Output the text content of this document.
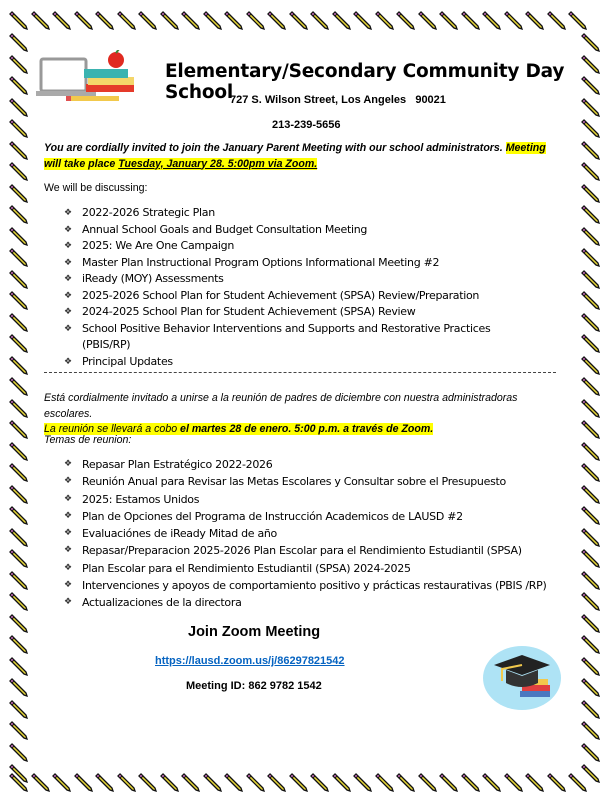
Elementary/Secondary Community Day School
727 S. Wilson Street, Los Angeles   90021
213-239-5656
You are cordially invited to join the January Parent Meeting with our school administrators. Meeting will take place Tuesday, January 28. 5:00pm via Zoom.
We will be discussing:
❖ 2022-2026 Strategic Plan
❖ Annual School Goals and Budget Consultation Meeting
❖ 2025: We Are One Campaign
❖ Master Plan Instructional Program Options Informational Meeting #2
❖ iReady (MOY) Assessments
❖ 2025-2026 School Plan for Student Achievement (SPSA) Review/Preparation
❖ 2024-2025 School Plan for Student Achievement (SPSA) Review
❖ School Positive Behavior Interventions and Supports and Restorative Practices (PBIS/RP)
❖ Principal Updates
Está cordialmente invitado a unirse a la reunión de padres de diciembre con nuestra administradoras escolares.
La reunión se llevará a cobo el martes 28 de enero. 5:00 p.m. a través de Zoom.
Temas de reunion:
❖ Repasar Plan Estratégico 2022-2026
❖ Reunión Anual para Revisar las Metas Escolares y Consultar sobre el Presupuesto
❖ 2025: Estamos Unidos
❖ Plan de Opciones del Programa de Instrucción Academicos de LAUSD #2
❖ Evaluaciónes de iReady Mitad de año
❖ Repasar/Preparacion 2025-2026 Plan Escolar para el Rendimiento Estudiantil (SPSA)
❖ Plan Escolar para el Rendimiento Estudiantil (SPSA) 2024-2025
❖ Intervenciones y apoyos de comportamiento positivo y prácticas restaurativas (PBIS /RP)
❖ Actualizaciones de la directora
Join Zoom Meeting
https://lausd.zoom.us/j/86297821542
Meeting ID: 862 9782 1542
